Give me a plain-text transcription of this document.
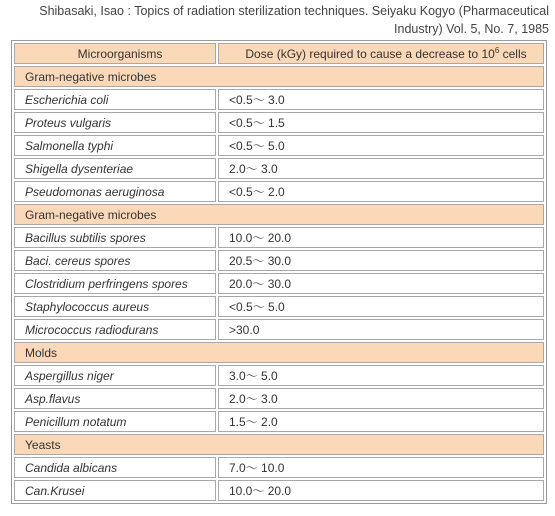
Shibasaki, Isao : Topics of radiation sterilization techniques. Seiyaku Kogyo (Pharmaceutical
Industry) Vol. 5, No. 7, 1985
Microorganisms	Dose (kGy) required to cause a decrease to $10^6$ cells
Gram-negative microbes	
Escherichia coli	<0.5～ 3.0
Proteus vulgaris	<0.5～ 1.5
Salmonella typhi	<0.5～ 5.0
Shigella dysenteriae	2.0～ 3.0
Pseudomonas aeruginosa	<0.5～ 2.0
Gram-negative microbes	
Bacillus subtilis spores	10.0～ 20.0
Baci. cereus spores	20.5～ 30.0
Clostridium perfringens spores	20.0～ 30.0
Staphylococcus aureus	<0.5～ 5.0
Micrococcus radiodurans	>30.0
Molds	
Aspergillus niger	3.0～ 5.0
Asp.flavus	2.0～ 3.0
Penicillum notatum	1.5～ 2.0
Yeasts	
Candida albicans	7.0～ 10.0
Can.Krusei	10.0～ 20.0
